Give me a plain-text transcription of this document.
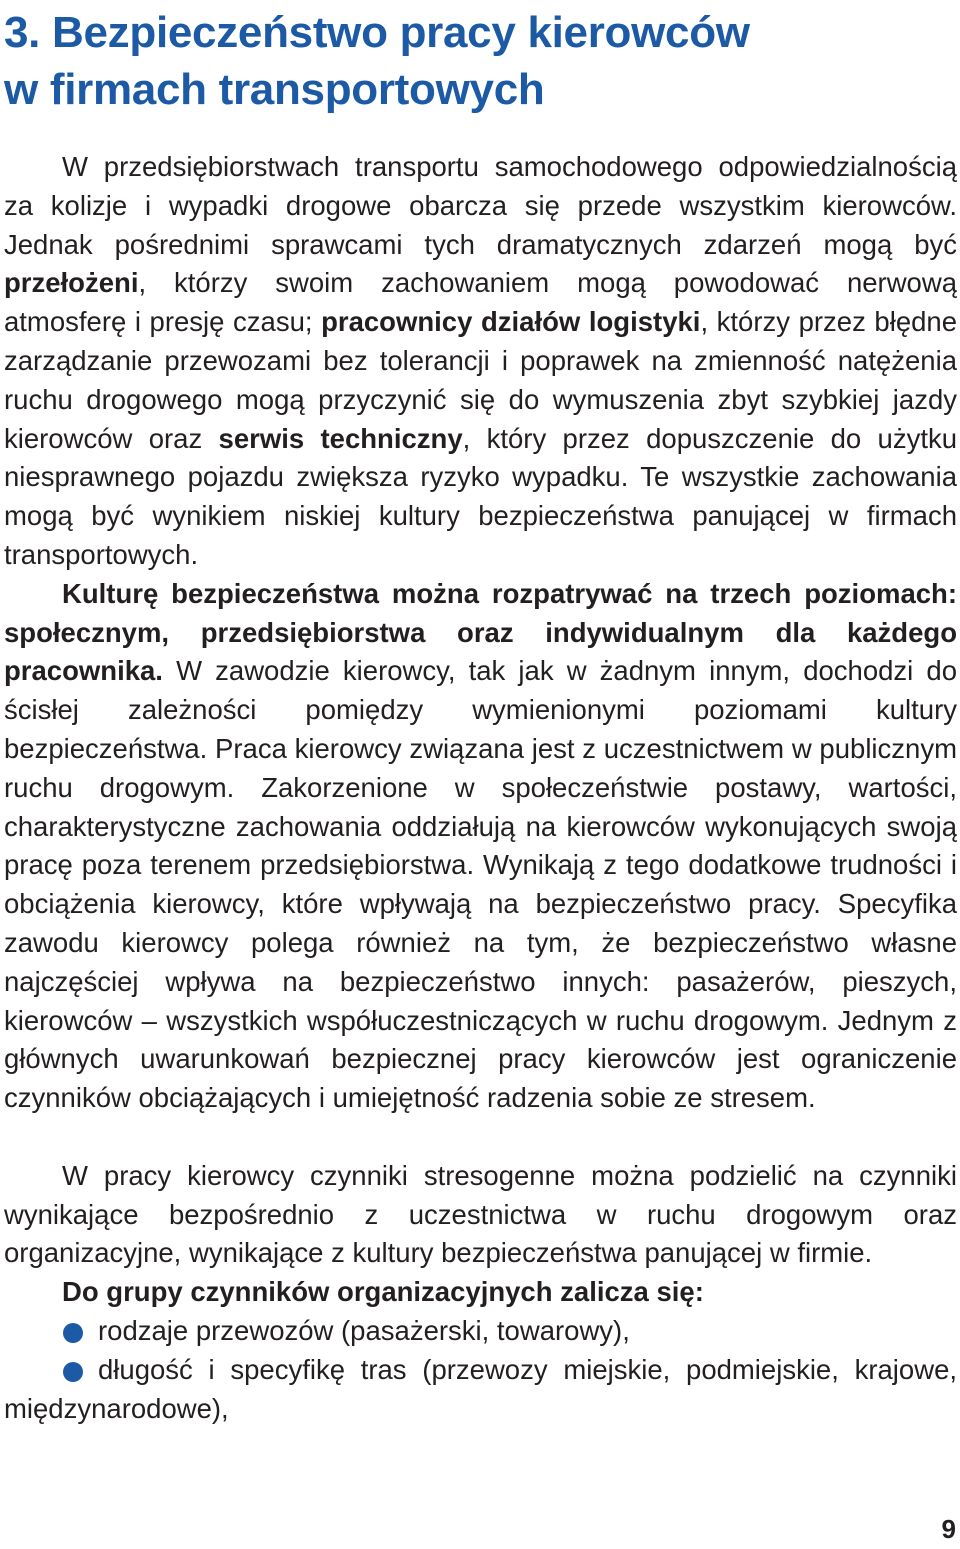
3. Bezpieczeństwo pracy kierowców
w firmach transportowych

W przedsiębiorstwach transportu samochodowego odpowiedzialnością za kolizje i wypadki drogowe obarcza się przede wszystkim kierowców. Jednak pośrednimi sprawcami tych dramatycznych zdarzeń mogą być przełożeni, którzy swoim zachowaniem mogą powodować nerwową atmosferę i presję czasu; pracownicy działów logistyki, którzy przez błędne zarządzanie przewozami bez tolerancji i poprawek na zmienność natężenia ruchu drogowego mogą przyczynić się do wymuszenia zbyt szybkiej jazdy kierowców oraz serwis techniczny, który przez dopuszczenie do użytku niesprawnego pojazdu zwiększa ryzyko wypadku. Te wszystkie zachowania mogą być wynikiem niskiej kultury bezpieczeństwa panującej w firmach transportowych.

Kulturę bezpieczeństwa można rozpatrywać na trzech poziomach: społecznym, przedsiębiorstwa oraz indywidualnym dla każdego pracownika. W zawodzie kierowcy, tak jak w żadnym innym, dochodzi do ścisłej zależności pomiędzy wymienionymi poziomami kultury bezpieczeństwa. Praca kierowcy związana jest z uczestnictwem w publicznym ruchu drogowym. Zakorzenione w społeczeństwie postawy, wartości, charakterystyczne zachowania oddziałują na kierowców wykonujących swoją pracę poza terenem przedsiębiorstwa. Wynikają z tego dodatkowe trudności i obciążenia kierowcy, które wpływają na bezpieczeństwo pracy. Specyfika zawodu kierowcy polega również na tym, że bezpieczeństwo własne najczęściej wpływa na bezpieczeństwo innych: pasażerów, pieszych, kierowców – wszystkich współuczestniczących w ruchu drogowym. Jednym z głównych uwarunkowań bezpiecznej pracy kierowców jest ograniczenie czynników obciążających i umiejętność radzenia sobie ze stresem.

W pracy kierowcy czynniki stresogenne można podzielić na czynniki wynikające bezpośrednio z uczestnictwa w ruchu drogowym oraz organizacyjne, wynikające z kultury bezpieczeństwa panującej w firmie.

Do grupy czynników organizacyjnych zalicza się:

rodzaje przewozów (pasażerski, towarowy),
długość i specyfikę tras (przewozy miejskie, podmiejskie, krajowe, międzynarodowe),
9
